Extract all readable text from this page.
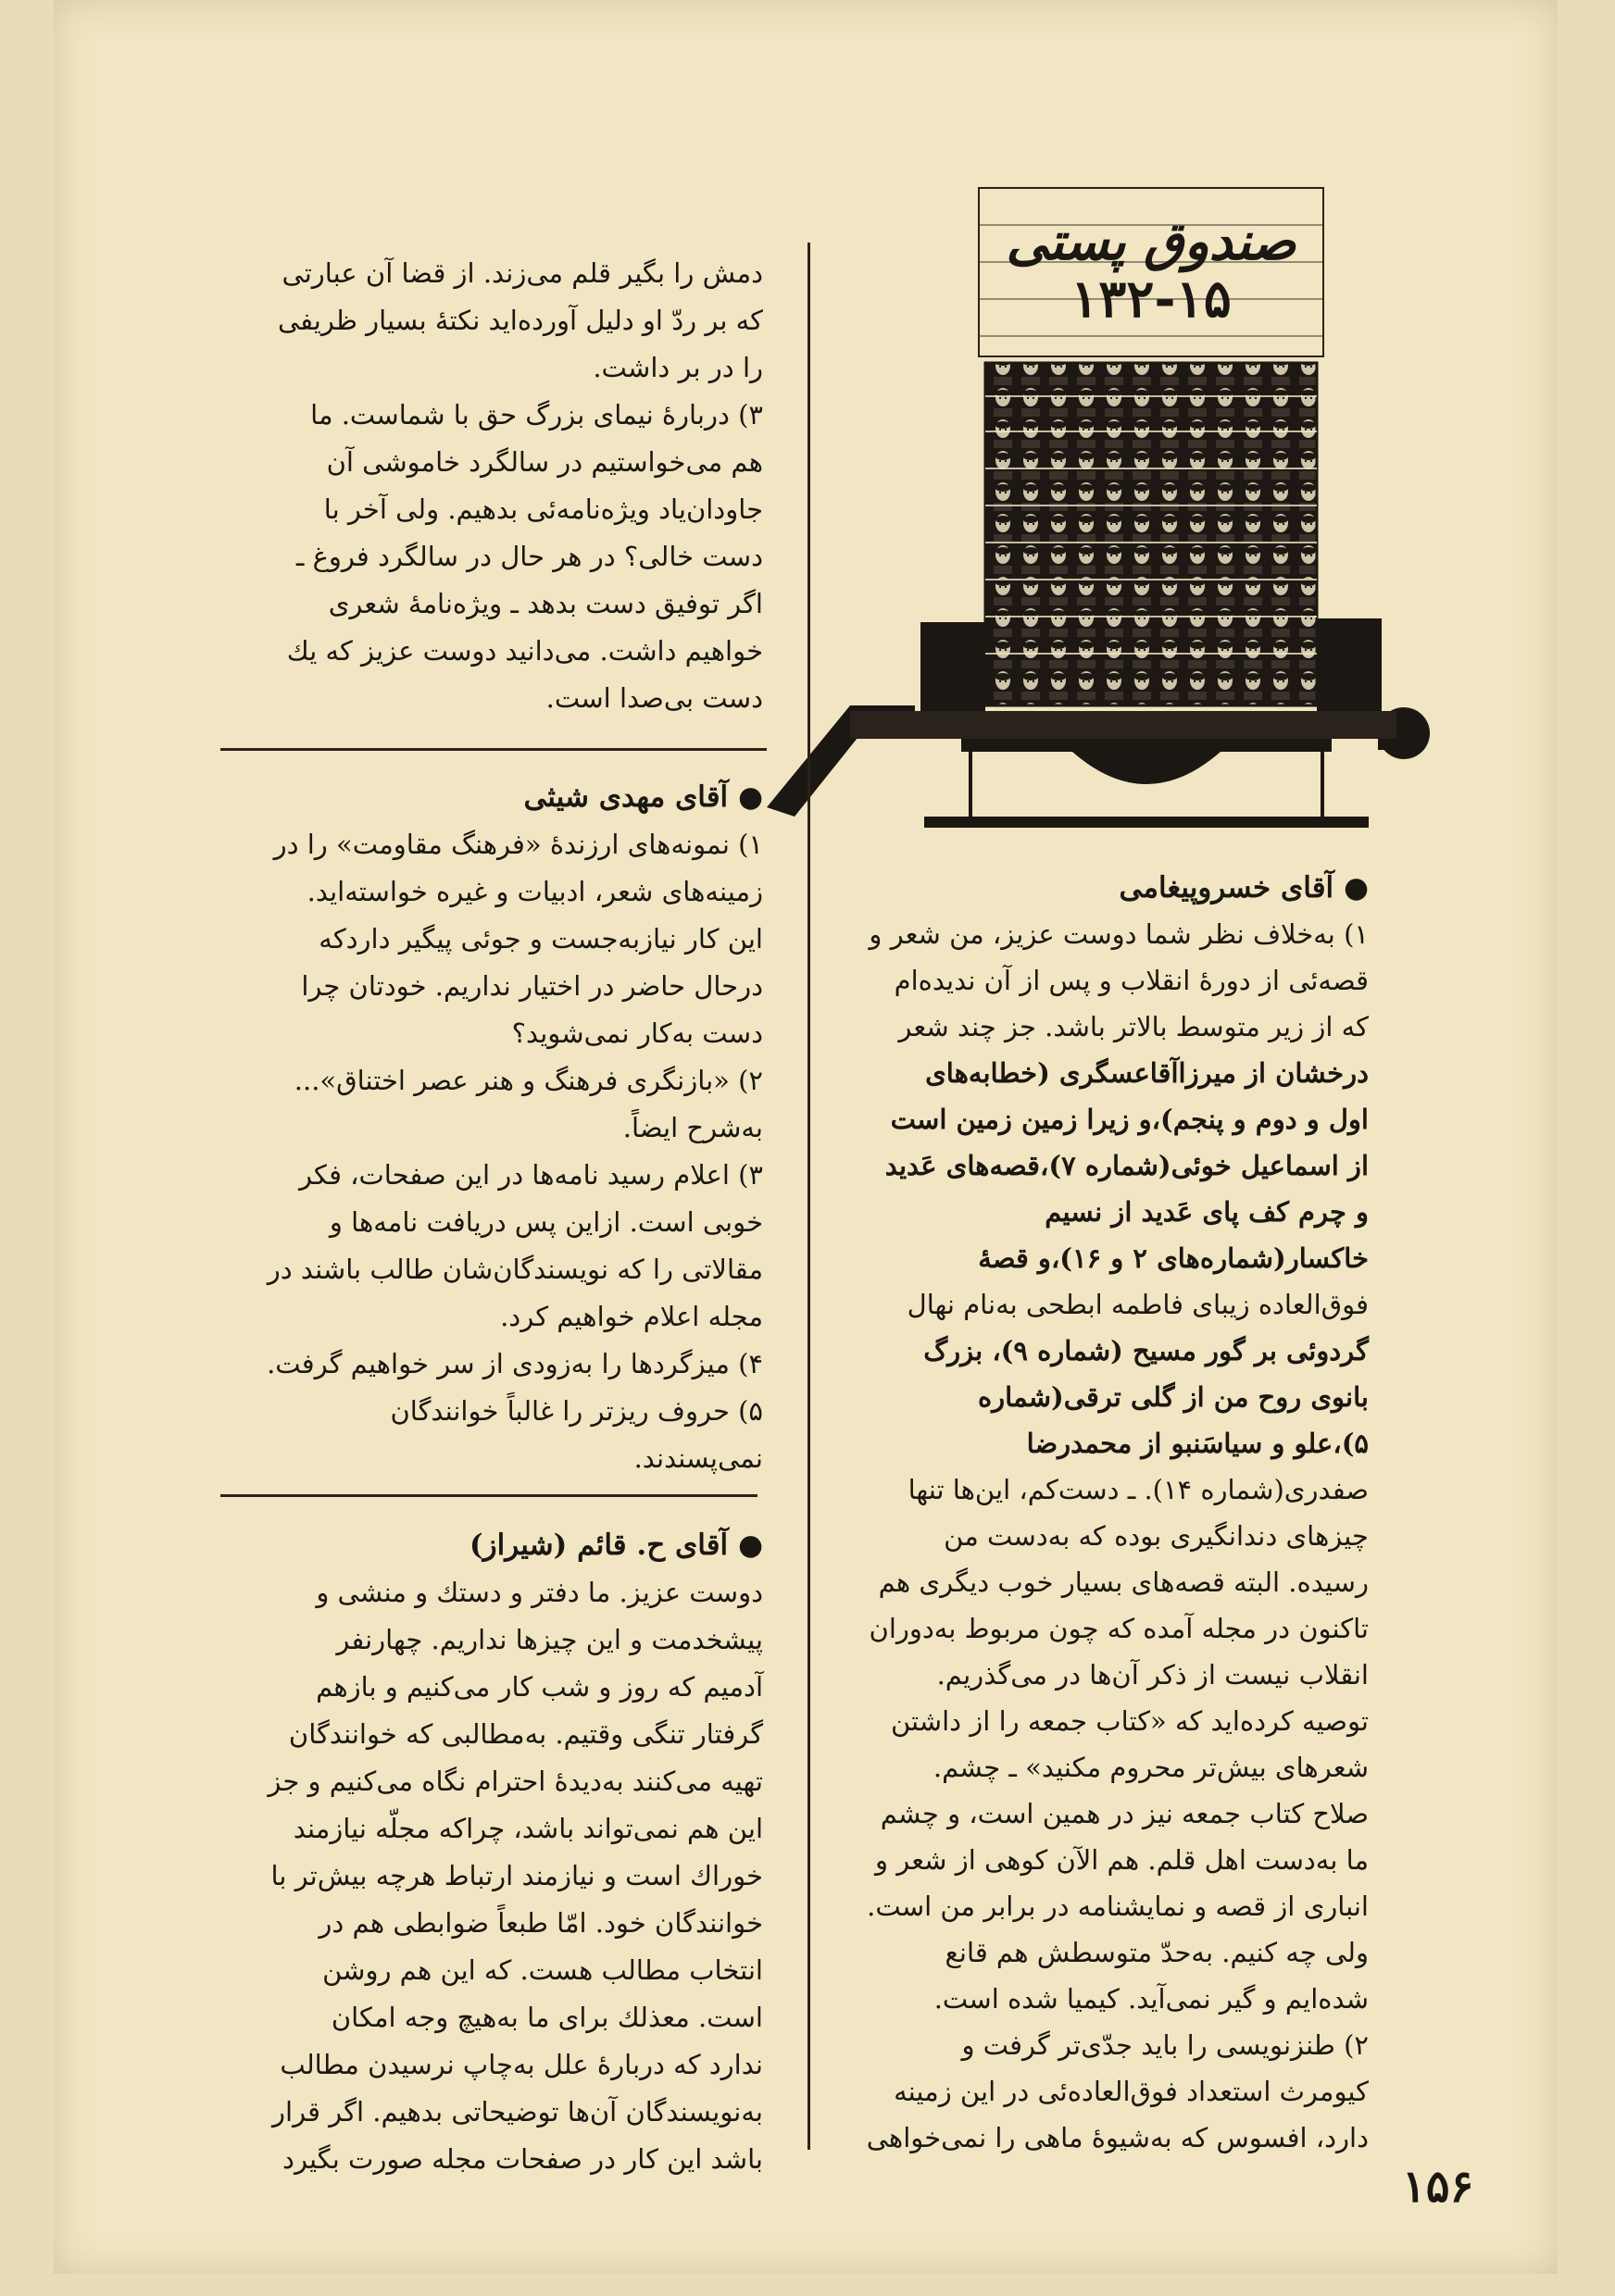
صندوق پستی
۱۳۲-۱۵

دمش را بگیر قلم می‌زند. از قضا آن عبارتی

که بر ردّ او دلیل آورده‌اید نکتهٔ بسیار ظریفی

را در بر داشت.

۳) دربارهٔ نیمای بزرگ حق با شماست. ما

هم می‌خواستیم در سالگرد خاموشی آن

جاودان‌یاد ویژه‌نامه‌ئی بدهیم. ولی آخر با

دست خالی؟ در هر حال در سالگرد فروغ ـ

اگر توفیق دست بدهد ـ ویژه‌نامهٔ شعری

خواهیم داشت. می‌دانید دوست عزیز که یك

دست بی‌صدا است.

● آقای مهدی شیثی

۱) نمونه‌های ارزندهٔ «فرهنگ مقاومت» را در

زمینه‌های شعر، ادبیات و غیره خواسته‌اید.

این کار نیازبه‌جست و جوئی پیگیر داردکه

درحال حاضر در اختیار نداریم. خودتان چرا

دست به‌کار نمی‌شوید؟

۲) «بازنگری فرهنگ و هنر عصر اختناق»...

به‌شرح ایضاً.

۳) اعلام رسید نامه‌ها در این صفحات، فکر

خوبی است. ازاین پس دریافت نامه‌ها و

مقالاتی را که نویسندگان‌شان طالب باشند در

مجله اعلام خواهیم کرد.

۴) میزگردها را به‌زودی از سر خواهیم گرفت.

۵) حروف ریزتر را غالباً خوانندگان

نمی‌پسندند.

● آقای ح. قائم (شیراز)

دوست عزیز. ما دفتر و دستك و منشی و

پیشخدمت و این چیزها نداریم. چهارنفر

آدمیم که روز و شب کار می‌کنیم و بازهم

گرفتار تنگی وقتیم. به‌مطالبی که خوانندگان

تهیه می‌کنند به‌دیدهٔ احترام نگاه می‌کنیم و جز

این هم نمی‌تواند باشد، چراکه مجلّه نیازمند

خوراك است و نیازمند ارتباط هرچه بیش‌تر با

خوانندگان خود. امّا طبعاً ضوابطی هم در

انتخاب مطالب هست. که این هم روشن

است. معذلك برای ما به‌هیچ وجه امکان

ندارد که دربارهٔ علل به‌چاپ نرسیدن مطالب

به‌نویسندگان آن‌ها توضیحاتی بدهیم. اگر قرار

باشد این کار در صفحات مجله صورت بگیرد

● آقای خسروپیغامی

۱) به‌خلاف نظر شما دوست عزیز، من شعر و

قصه‌ئی از دورهٔ انقلاب و پس از آن ندیده‌ام

که از زیر متوسط بالاتر باشد. جز چند شعر

درخشان از میرزاآقاعسگری (خطابه‌های

اول و دوم و پنجم)،و زیرا زمین زمین است

از اسماعیل خوئی(شماره ۷)،قصه‌های عَدید

و چرم کف پای عَدید از نسیم

خاکسار(شماره‌های ۲ و ۱۶)،و قصهٔ

فوق‌العاده زیبای فاطمه ابطحی به‌نام نهال

گردوئی بر گور مسیح (شماره ۹)، بزرگ

بانوی روح من از گلی ترقی(شماره

۵)،علو و سیاسَنبو از محمدرضا

صفدری(شماره ۱۴). ـ دست‌کم، این‌ها تنها

چیزهای دندانگیری بوده که به‌دست من

رسیده. البته قصه‌های بسیار خوب دیگری هم

تاکنون در مجله آمده که چون مربوط به‌دوران

انقلاب نیست از ذکر آن‌ها در می‌گذریم.

توصیه کرده‌اید که «کتاب جمعه را از داشتن

شعرهای بیش‌تر محروم مکنید» ـ چشم.

صلاح کتاب جمعه نیز در همین است، و چشم

ما به‌دست اهل قلم. هم الآن کوهی از شعر و

انباری از قصه و نمایشنامه در برابر من است.

ولی چه کنیم. به‌حدّ متوسطش هم قانع

شده‌ایم و گیر نمی‌آید. کیمیا شده است.

۲) طنزنویسی را باید جدّی‌تر گرفت و

کیومرث استعداد فوق‌العاده‌ئی در این زمینه

دارد، افسوس که به‌شیوهٔ ماهی را نمی‌خواهی

۱۵۶
